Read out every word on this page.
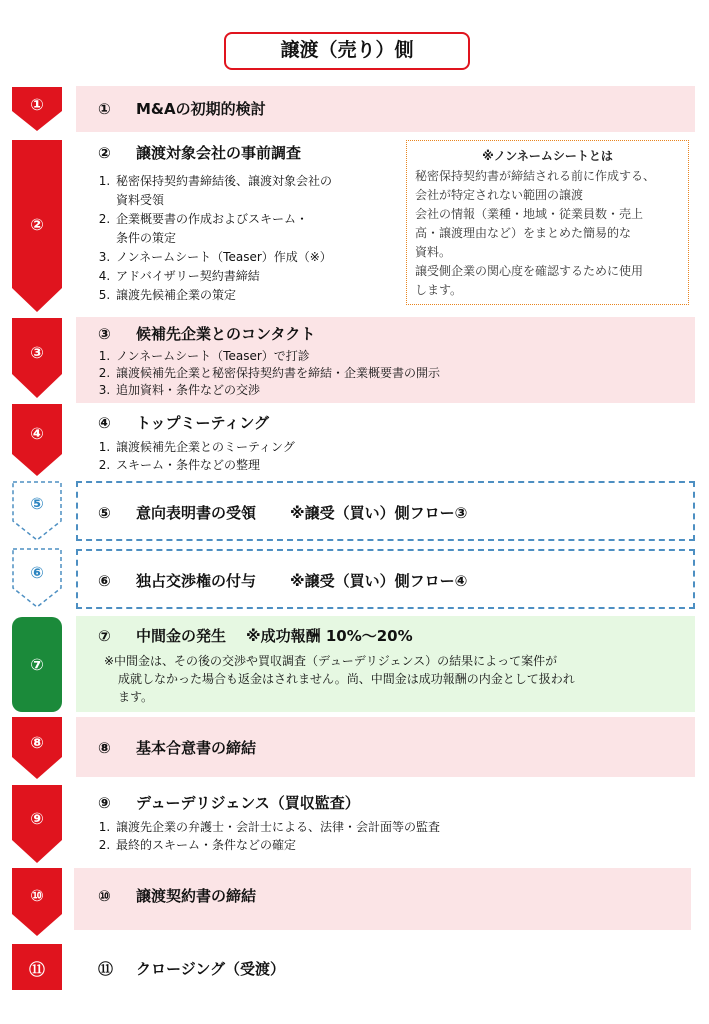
譲渡（売り）側
①
②
③
④
⑤
⑥
⑦
⑧
⑨
⑩
⑪
① M&Aの初期的検討
② 譲渡対象会社の事前調査
1. 秘密保持契約書締結後、譲渡対象会社の
資料受領
2. 企業概要書の作成およびスキーム・
条件の策定
3. ノンネームシート（Teaser）作成（※）
4. アドバイザリー契約書締結
5. 譲渡先候補企業の策定
※ノンネームシートとは
秘密保持契約書が締結される前に作成する、
会社が特定されない範囲の譲渡
会社の情報（業種・地域・従業員数・売上
高・譲渡理由など）をまとめた簡易的な
資料。
譲受側企業の関心度を確認するために使用
します。
③ 候補先企業とのコンタクト
1. ノンネームシート（Teaser）で打診
2. 譲渡候補先企業と秘密保持契約書を締結・企業概要書の開示
3. 追加資料・条件などの交渉
④ トップミーティング
1. 譲渡候補先企業とのミーティング
2. スキーム・条件などの整理
⑤ 意向表明書の受領 ※譲受（買い）側フロー③
⑥ 独占交渉権の付与 ※譲受（買い）側フロー④
⑦ 中間金の発生 ※成功報酬 10%～20%
※中間金は、その後の交渉や買収調査（デューデリジェンス）の結果によって案件が
成就しなかった場合も返金はされません。尚、中間金は成功報酬の内金として扱われ
ます。
⑧ 基本合意書の締結
⑨ デューデリジェンス（買収監査）
1. 譲渡先企業の弁護士・会計士による、法律・会計面等の監査
2. 最終的スキーム・条件などの確定
⑩ 譲渡契約書の締結
⑪ クロージング（受渡）
